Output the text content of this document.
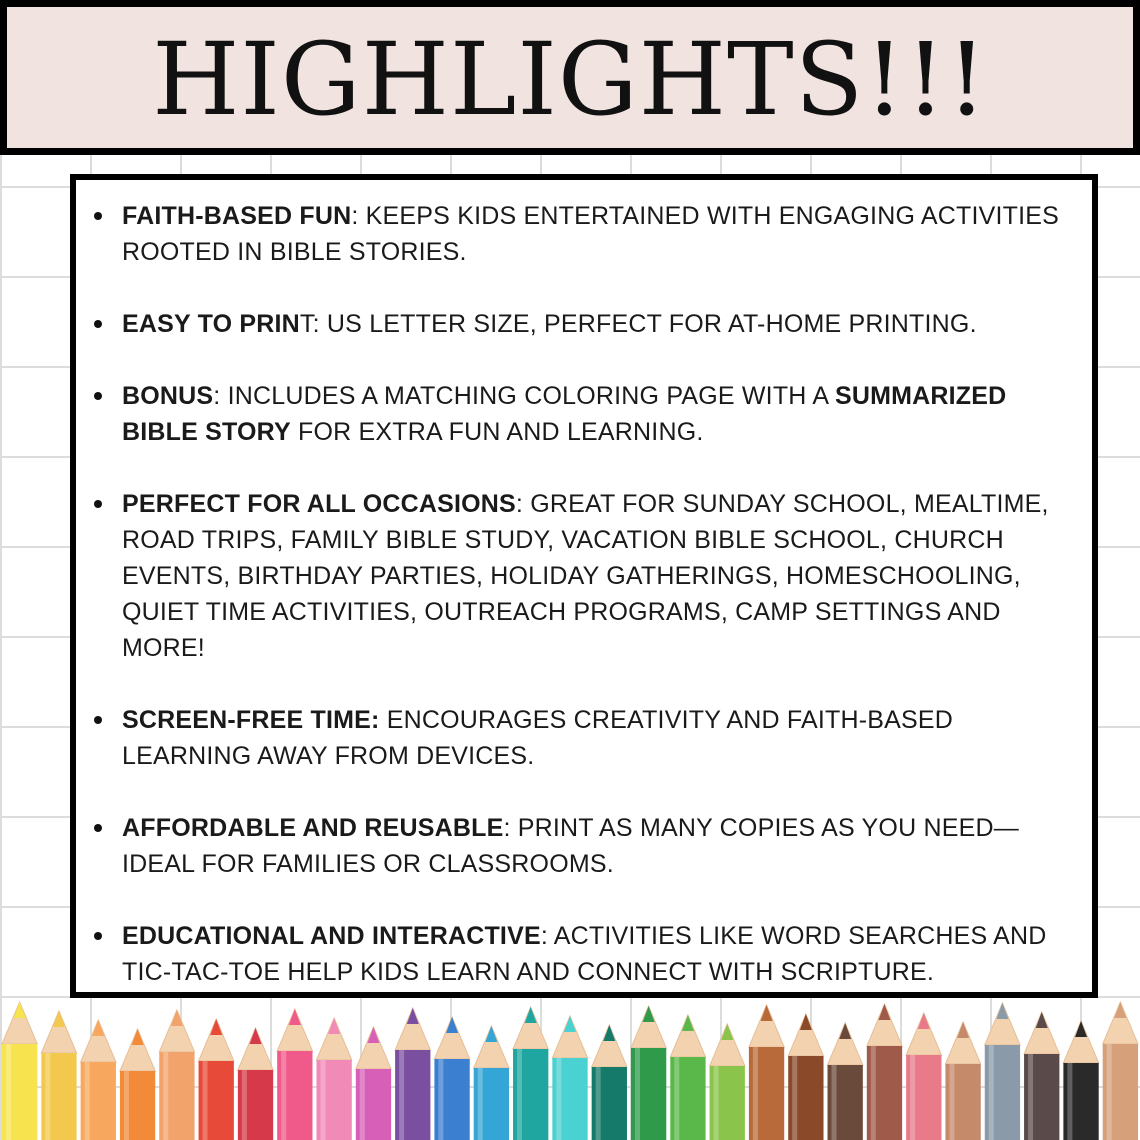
HIGHLIGHTS!!!
FAITH-BASED FUN: KEEPS KIDS ENTERTAINED WITH ENGAGING ACTIVITIES ROOTED IN BIBLE STORIES.
EASY TO PRINT: US LETTER SIZE, PERFECT FOR AT-HOME PRINTING.
BONUS: INCLUDES A MATCHING COLORING PAGE WITH A SUMMARIZED BIBLE STORY FOR EXTRA FUN AND LEARNING.
PERFECT FOR ALL OCCASIONS: GREAT FOR SUNDAY SCHOOL, MEALTIME, ROAD TRIPS, FAMILY BIBLE STUDY, VACATION BIBLE SCHOOL, CHURCH EVENTS, BIRTHDAY PARTIES, HOLIDAY GATHERINGS, HOMESCHOOLING, QUIET TIME ACTIVITIES, OUTREACH PROGRAMS, CAMP SETTINGS AND MORE!
SCREEN-FREE TIME: ENCOURAGES CREATIVITY AND FAITH-BASED LEARNING AWAY FROM DEVICES.
AFFORDABLE AND REUSABLE: PRINT AS MANY COPIES AS YOU NEED—IDEAL FOR FAMILIES OR CLASSROOMS.
EDUCATIONAL AND INTERACTIVE: ACTIVITIES LIKE WORD SEARCHES AND TIC-TAC-TOE HELP KIDS LEARN AND CONNECT WITH SCRIPTURE.
